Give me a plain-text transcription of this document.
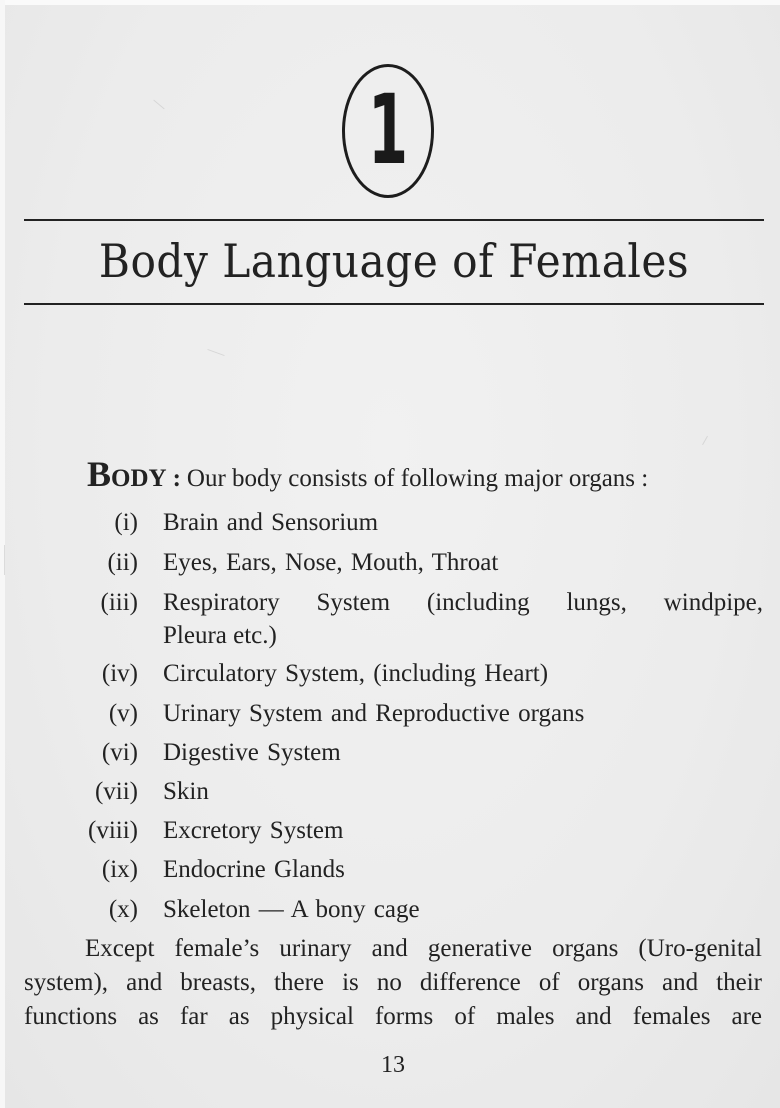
1
Body Language of Females
BODY : Our body consists of following major organs :
(i) Brain and Sensorium
(ii) Eyes, Ears, Nose, Mouth, Throat
(iii) Respiratory System (including lungs, windpipe,
Pleura etc.)
(iv) Circulatory System, (including Heart)
(v) Urinary System and Reproductive organs
(vi) Digestive System
(vii) Skin
(viii) Excretory System
(ix) Endocrine Glands
(x) Skeleton — A bony cage
Except female’s urinary and generative organs (Uro-genital
system), and breasts, there is no difference of organs and their
functions as far as physical forms of males and females are
13
